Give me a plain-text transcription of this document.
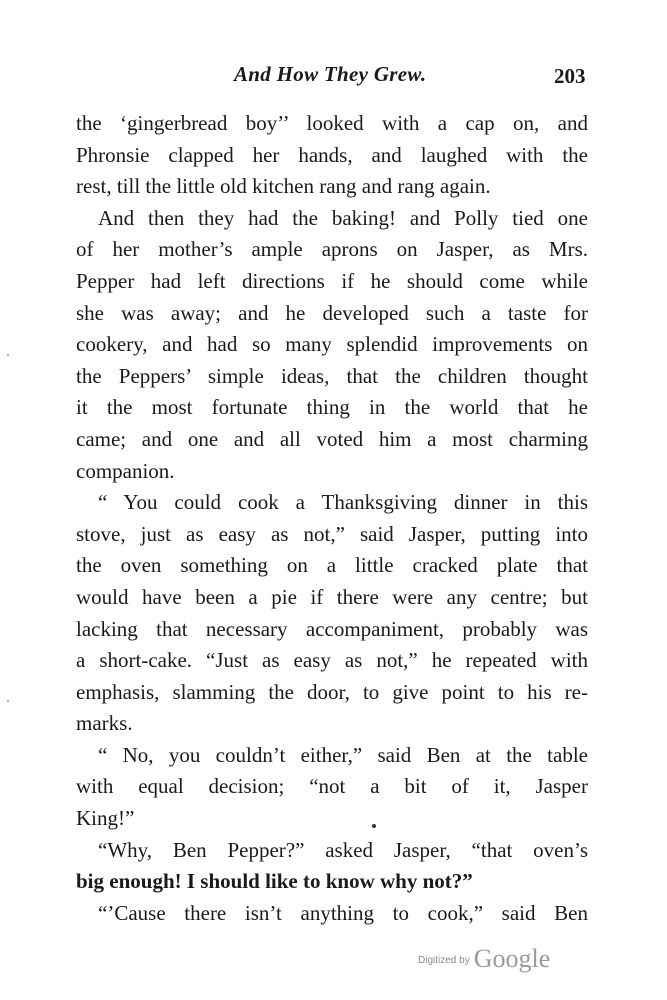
And How They Grew.	203
the ‘gingerbread boy’’ looked with a cap on, and
Phronsie clapped her hands, and laughed with the
rest, till the little old kitchen rang and rang again.
And then they had the baking! and Polly tied one
of her mother’s ample aprons on Jasper, as Mrs.
Pepper had left directions if he should come while
she was away; and he developed such a taste for
cookery, and had so many splendid improvements on
the Peppers’ simple ideas, that the children thought
it the most fortunate thing in the world that he
came; and one and all voted him a most charming
companion.
“ You could cook a Thanksgiving dinner in this
stove, just as easy as not,” said Jasper, putting into
the oven something on a little cracked plate that
would have been a pie if there were any centre; but
lacking that necessary accompaniment, probably was
a short-cake. “Just as easy as not,” he repeated with
emphasis, slamming the door, to give point to his re-
marks.
“ No, you couldn’t either,” said Ben at the table
with equal decision; “not a bit of it, Jasper
King!”
“Why, Ben Pepper?” asked Jasper, “that oven’s
big enough! I should like to know why not?”
“’Cause there isn’t anything to cook,” said Ben
$^{Digitized by}$ Google
